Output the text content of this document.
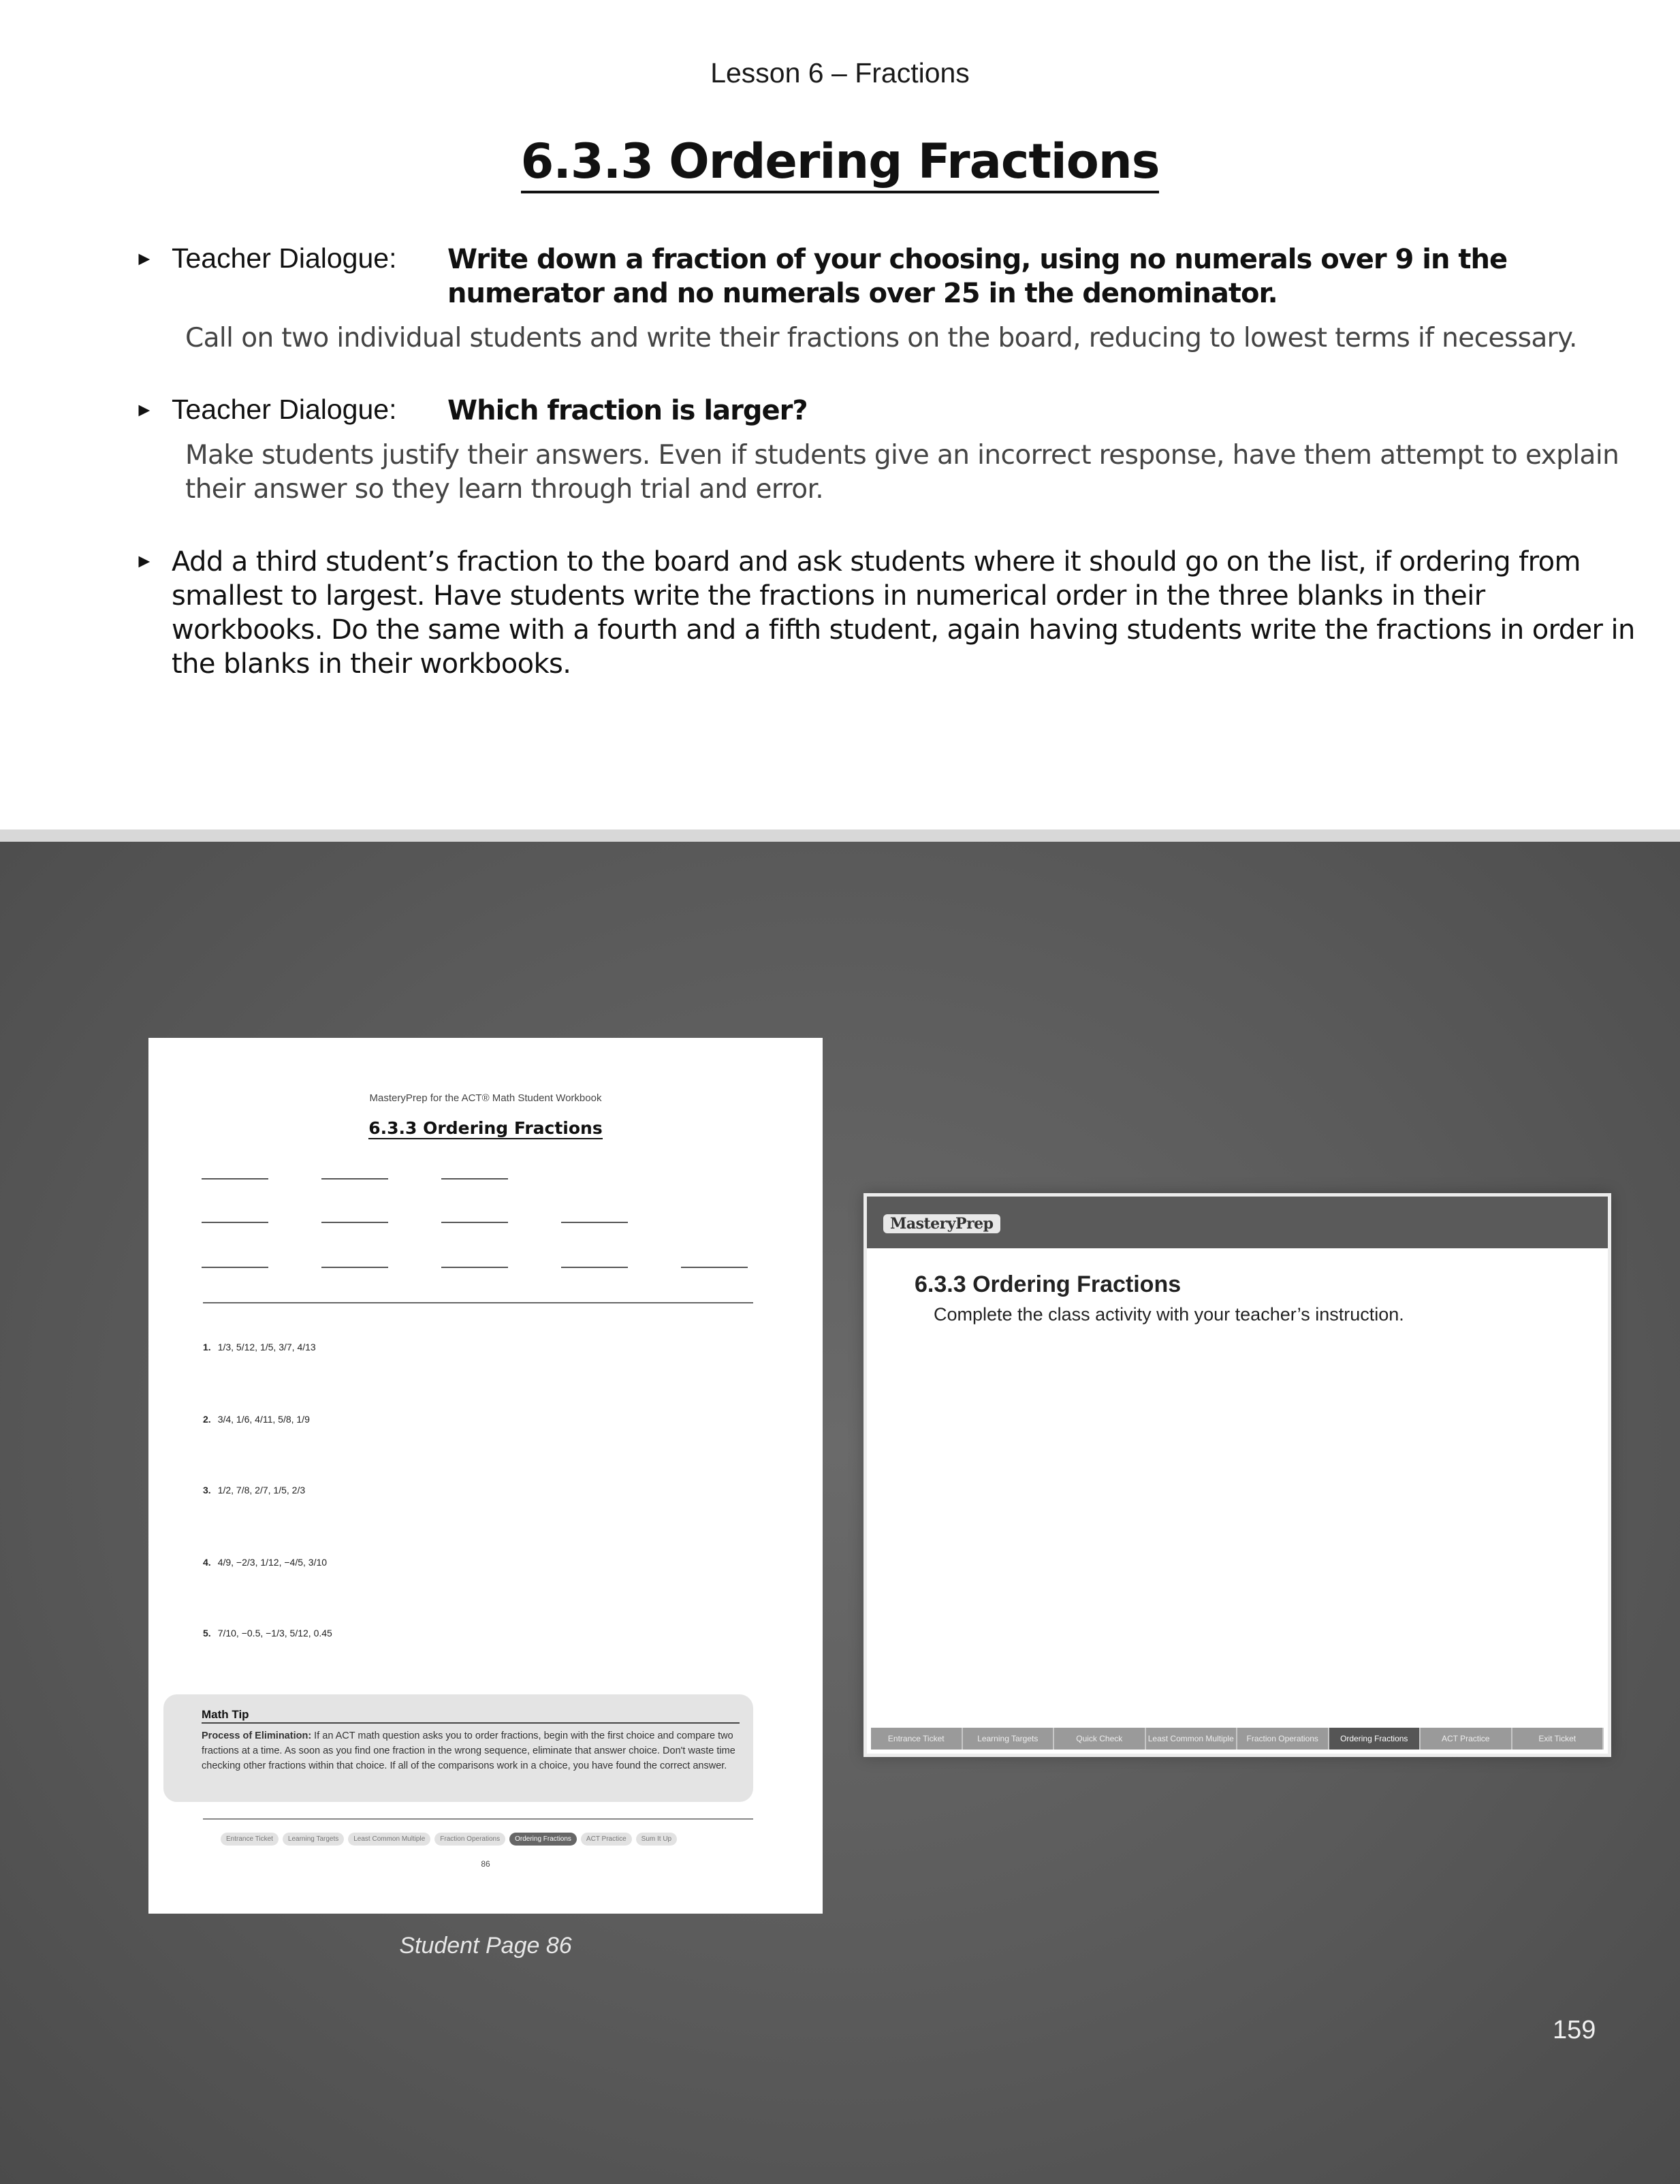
Lesson 6 – Fractions
6.3.3 Ordering Fractions
► Teacher Dialogue: Write down a fraction of your choosing, using no numerals over 9 in the numerator and no numerals over 25 in the denominator.
Call on two individual students and write their fractions on the board, reducing to lowest terms if necessary.
► Teacher Dialogue: Which fraction is larger?
Make students justify their answers. Even if students give an incorrect response, have them attempt to explain their answer so they learn through trial and error.
► Add a third student’s fraction to the board and ask students where it should go on the list, if ordering from smallest to largest. Have students write the fractions in numerical order in the three blanks in their workbooks. Do the same with a fourth and a fifth student, again having students write the fractions in order in the blanks in their workbooks.
MasteryPrep for the ACT® Math Student Workbook
6.3.3 Ordering Fractions
1. 1/3, 5/12, 1/5, 3/7, 4/13
2. 3/4, 1/6, 4/11, 5/8, 1/9
3. 1/2, 7/8, 2/7, 1/5, 2/3
4. 4/9, −2/3, 1/12, −4/5, 3/10
5. 7/10, −0.5, −1/3, 5/12, 0.45
Math Tip
Process of Elimination: If an ACT math question asks you to order fractions, begin with the first choice and compare two fractions at a time. As soon as you find one fraction in the wrong sequence, eliminate that answer choice. Don't waste time checking other fractions within that choice. If all of the comparisons work in a choice, you have found the correct answer.
Entrance Ticket Learning Targets Least Common Multiple Fraction Operations Ordering Fractions ACT Practice Sum It Up
86
Student Page 86
MasteryPrep
6.3.3 Ordering Fractions
Complete the class activity with your teacher’s instruction.
Entrance Ticket	Learning Targets	Quick Check	Least Common Multiple	Fraction Operations	Ordering Fractions	ACT Practice	Exit Ticket
159
